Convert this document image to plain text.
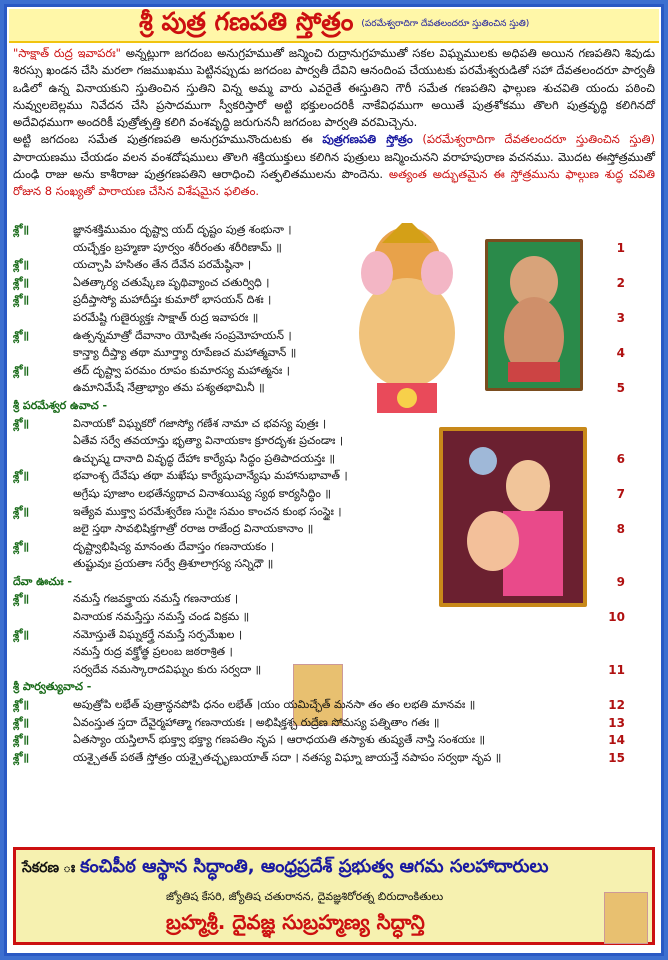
శ్రీ పుత్ర గణపతి స్తోత్రం (పరమేశ్వరాదిగా దేవతలందరూ స్తుతించిన స్తుతి)
"సాక్షాత్ రుద్ర ఇవాపరః" అన్నట్లుగా జగదంబ అనుగ్రహముతో జన్మించి రుద్రానుగ్రహముతో సకల విఘ్నములకు అధిపతి అయిన గణపతిని శివుడు శిరస్సు ఖండన చేసి మరలా గజముఖము పెట్టినప్పుడు జగదంబ పార్వతీ దేవిని ఆనందింప చేయుటకు పరమేశ్వరుడితో సహా దేవతలందరూ పార్వతీ ఒడిలో ఉన్న వినాయకుని స్తుతించిన స్తుతిని విన్న అమ్మ వారు ఎవరైతే ఈస్తుతిని గౌరీ సమేత గణపతిని ఫాల్గుణ శుచవితి యందు పఠించి నువ్వులబెల్లము నివేదన చేసి ప్రసాదముగా స్వీకరిస్తారో అట్టి భక్తులందరికీ నాకేవిధముగా అయితే పుత్రశోకము తొలగి పుత్రవృద్ధి కలిగినదో అదేవిధముగా అందరికీ పుత్రోత్పత్తి కలిగి వంశవృద్ధి జరుగుననీ జగదంబ పార్వతి వరమిచ్చెను.
అట్టి జగదంబ సమేత పుత్రగణపతి అనుగ్రహమునొందుటకు ఈ పుత్రగణపతి స్తోత్రం (పరమేశ్వరాదిగా దేవతలందరూ స్తుతించిన స్తుతి) పారాయణము చేయడం వలన వంశదోషములు తొలగి శక్తియుక్తులు కలిగిన పుత్రులు జన్మించునని వరాహపురాణ వచనము. మొదట ఈస్తోత్రముతో దుంఢి రాజు అను కాశీరాజు పుత్రగణపతిని ఆరాధించి సత్ఫలితములను పొందెను. అత్యంత అద్భుతమైన ఈ స్తోత్రమును ఫాల్గుణ శుద్ధ చవితి రోజున 8 సంఖ్యతో పారాయణ చేసిన విశేషమైన ఫలితం.
శ్లో॥	జ్ఞానశక్తిముమం దృష్ట్వా యద్ దృష్టం పుత్ర శంభునా ।
యచ్ఛేక్తం బ్రహ్మణా పూర్వం శరీరంతు శరీరిణామ్ ॥	1
శ్లో॥	యచ్చాపి హసితం తేన దేవేన పరమేష్ఠినా ।
శ్లో॥	ఏతత్కార్య చతుష్కేణ పృథివ్యాంచ చతుర్విధి ।	2
శ్లో॥	ప్రదీప్తాస్యో మహాదీప్తః కుమారో భాసయన్ దిశః ।
పరమేష్టి గుణైర్యుక్తః సాక్షాత్ రుద్ర ఇవాపరః ॥	3
శ్లో॥	ఉత్పన్నమాత్రో దేవానాం యోషితః సంప్రమోహయన్ ।
కాన్త్యా దీప్త్యా తథా మూర్త్యా రూపేణచ మహాత్మవాన్ ॥	4
శ్లో॥	తద్ దృష్ట్వా పరమం రూపం కుమారస్య మహాత్మనః ।
ఉమానిమేషే నేత్రాభ్యాం తమ పశ్యతభామినీ ॥	5
శ్రీ పరమేశ్వర ఉవాచ -
శ్లో॥	వినాయకో విఘ్నకరో గజాస్యో గణేశ నామా చ భవస్య పుత్రః ।
ఏతేవ సర్వే తవయాన్తు భృత్యా వినాయకాః క్రూరదృశః ప్రచండాః ।
ఉచ్ఛుష్మ దానాది వివృద్ధ దేహాః కార్యేషు సిద్ధం ప్రతిపాదయన్తః ॥	6
శ్లో॥	భవాంశ్చ దేవేషు తథా మఖేషు కార్యేషుచాన్యేషు మహానుభావాత్ ।
అగ్రేషు పూజాం లభతేన్యథాచ వినాశయిష్య స్యథ కార్యసిద్ధిం ॥	7
శ్లో॥	ఇత్యేవ ముక్త్వా పరమేశ్వరేణ సురైః సమం కాంచన కుంభ సంస్థైః ।
జలై స్తథా సావభిషిక్తగాత్రో రరాజ రాజేంద్ర వినాయకానాం ॥	8
శ్లో॥	దృష్ట్వాభిషిచ్య మానంతు దేవాస్తం గణనాయకం ।
తుష్టువుః ప్రయతాః సర్వే త్రిశూలాగ్రస్య సన్నిధౌ ॥
దేవా ఊచుః -	9
శ్లో॥	నమస్తే గజవక్త్రాయ నమస్తే గణనాయక ।
వినాయక నమస్తేస్తు నమస్తే చండ విక్రమ ॥	10
శ్లో॥	నమోస్తుతే విఘ్నకర్త్రే నమస్తే సర్పమేఖల ।
నమస్తే రుద్ర వక్త్రోత్థ ప్రలంబ జఠరాశ్రిత ।
సర్వదేవ నమస్కారాదవిఘ్నం కురు సర్వదా ॥	11
శ్రీ పార్వత్యువాచ -
శ్లో॥	అపుత్రోపి లభేత్ పుత్రాన్ధనపోపి ధనం లభేత్ ।యం యమిచ్ఛేత్ మనసా తం తం లభతి మానవః ॥	12
శ్లో॥	ఏవంస్తుత స్తదా దేవైర్మహాత్మా గణనాయకః । అభిషిక్తశ్చ రుద్రేణ సోమస్య పత్నితాం గతః ॥	13
శ్లో॥	ఏతస్యాం యస్తిలాన్ భుక్త్వా భక్త్యా గణపతిం నృప । ఆరాధయతి తస్యాశు తుష్యతే నాస్తి సంశయః ॥	14
శ్లో॥	యశ్చైతత్ పఠతే స్తోత్రం యశ్చైతచ్ఛృణుయాత్ సదా । నతస్య విఘ్నా జాయన్తే నపాపం సర్వథా నృప ॥	15
సేకరణ ః కంచిపీఠ ఆస్థాన సిద్ధాంతి, ఆంధ్రప్రదేశ్ ప్రభుత్వ ఆగమ సలహాదారులు
జ్యోతిష కేసరి, జ్యోతిష చతురానన, దైవజ్ఞశిరోరత్న బిరుదాంకితులు
బ్రహ్మశ్రీ. దైవజ్ఞ సుబ్రహ్మణ్య సిద్ధాన్తి
